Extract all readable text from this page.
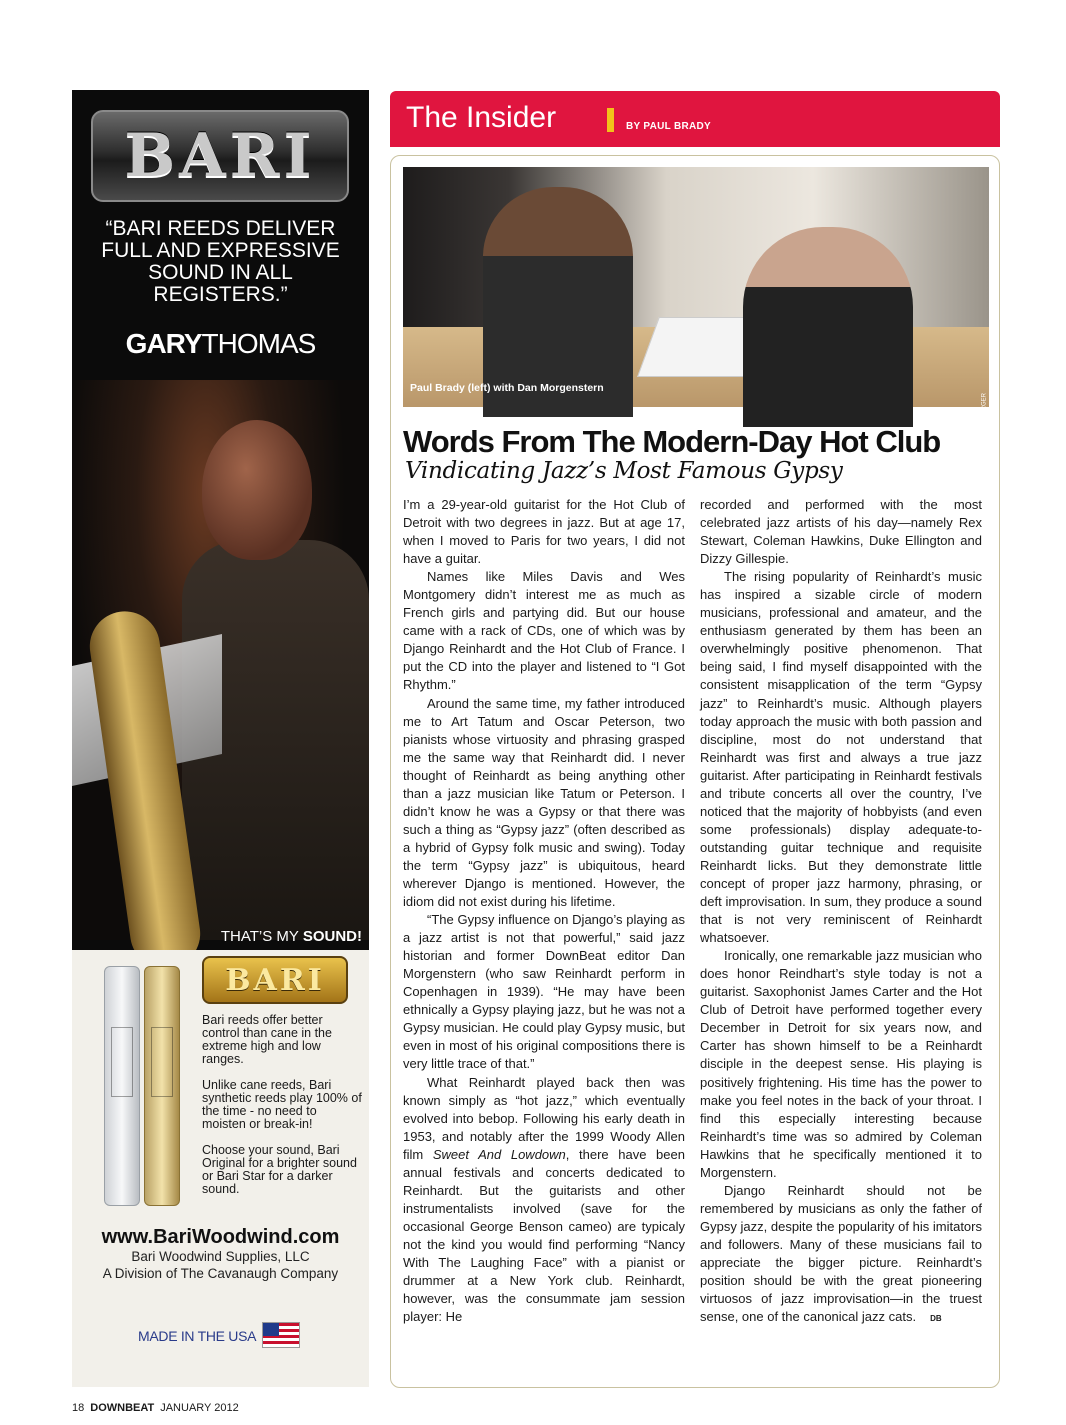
BARI
“BARI REEDS DELIVER
FULL AND EXPRESSIVE
SOUND IN ALL
REGISTERS.”
GARYTHOMAS
THAT’S MY SOUND!
BARI

Bari reeds offer better control than cane in the extreme high and low ranges.

Unlike cane reeds, Bari synthetic reeds play 100% of the time - no need to moisten or break-in!

Choose your sound, Bari Original for a brighter sound or Bari Star for a darker sound.

www.BariWoodwind.com
Bari Woodwind Supplies, LLC
A Division of The Cavanaugh Company
MADE IN THE USA
The Insider	BY PAUL BRADY
Paul Brady (left) with Dan Morgenstern
ED BERGER
Words From The Modern-Day Hot Club
Vindicating Jazz’s Most Famous Gypsy

I’m a 29-year-old guitarist for the Hot Club of Detroit with two degrees in jazz. But at age 17, when I moved to Paris for two years, I did not have a guitar.

Names like Miles Davis and Wes Montgomery didn’t interest me as much as French girls and partying did. But our house came with a rack of CDs, one of which was by Django Reinhardt and the Hot Club of France. I put the CD into the player and listened to “I Got Rhythm.”

Around the same time, my father introduced me to Art Tatum and Oscar Peterson, two pianists whose virtuosity and phrasing grasped me the same way that Reinhardt did. I never thought of Reinhardt as being anything other than a jazz musician like Tatum or Peterson. I didn’t know he was a Gypsy or that there was such a thing as “Gypsy jazz” (often described as a hybrid of Gypsy folk music and swing). Today the term “Gypsy jazz” is ubiquitous, heard wherever Django is mentioned. However, the idiom did not exist during his lifetime.

“The Gypsy influence on Django’s playing as a jazz artist is not that powerful,” said jazz historian and former DownBeat editor Dan Morgenstern (who saw Reinhardt perform in Copenhagen in 1939). “He may have been ethnically a Gypsy playing jazz, but he was not a Gypsy musician. He could play Gypsy music, but even in most of his original compositions there is very little trace of that.”

What Reinhardt played back then was known simply as “hot jazz,” which eventually evolved into bebop. Following his early death in 1953, and notably after the 1999 Woody Allen film Sweet And Lowdown, there have been annual festivals and concerts dedicated to Reinhardt. But the guitarists and other instrumentalists involved (save for the occasional George Benson cameo) are typicaly not the kind you would find performing “Nancy With The Laughing Face” with a pianist or drummer at a New York club. Reinhardt, however, was the consummate jam session player: He

recorded and performed with the most celebrated jazz artists of his day—namely Rex Stewart, Coleman Hawkins, Duke Ellington and Dizzy Gillespie.

The rising popularity of Reinhardt’s music has inspired a sizable circle of modern musicians, professional and amateur, and the enthusiasm generated by them has been an overwhelmingly positive phenomenon. That being said, I find myself disappointed with the consistent misapplication of the term “Gypsy jazz” to Reinhardt’s music. Although players today approach the music with both passion and discipline, most do not understand that Reinhardt was first and always a true jazz guitarist. After participating in Reinhardt festivals and tribute concerts all over the country, I’ve noticed that the majority of hobbyists (and even some professionals) display adequate-to-outstanding guitar technique and requisite Reinhardt licks. But they demonstrate little concept of proper jazz harmony, phrasing, or deft improvisation. In sum, they produce a sound that is not very reminiscent of Reinhardt whatsoever.

Ironically, one remarkable jazz musician who does honor Reindhart’s style today is not a guitarist. Saxophonist James Carter and the Hot Club of Detroit have performed together every December in Detroit for six years now, and Carter has shown himself to be a Reinhardt disciple in the deepest sense. His playing is positively frightening. His time has the power to make you feel notes in the back of your throat. I find this especially interesting because Reinhardt’s time was so admired by Coleman Hawkins that he specifically mentioned it to Morgenstern.

Django Reinhardt should not be remembered by musicians as only the father of Gypsy jazz, despite the popularity of his imitators and followers. Many of these musicians fail to appreciate the bigger picture. Reinhardt’s position should be with the great pioneering virtuosos of jazz improvisation—in the truest sense, one of the canonical jazz cats. DB

18 DOWNBEAT JANUARY 2012
